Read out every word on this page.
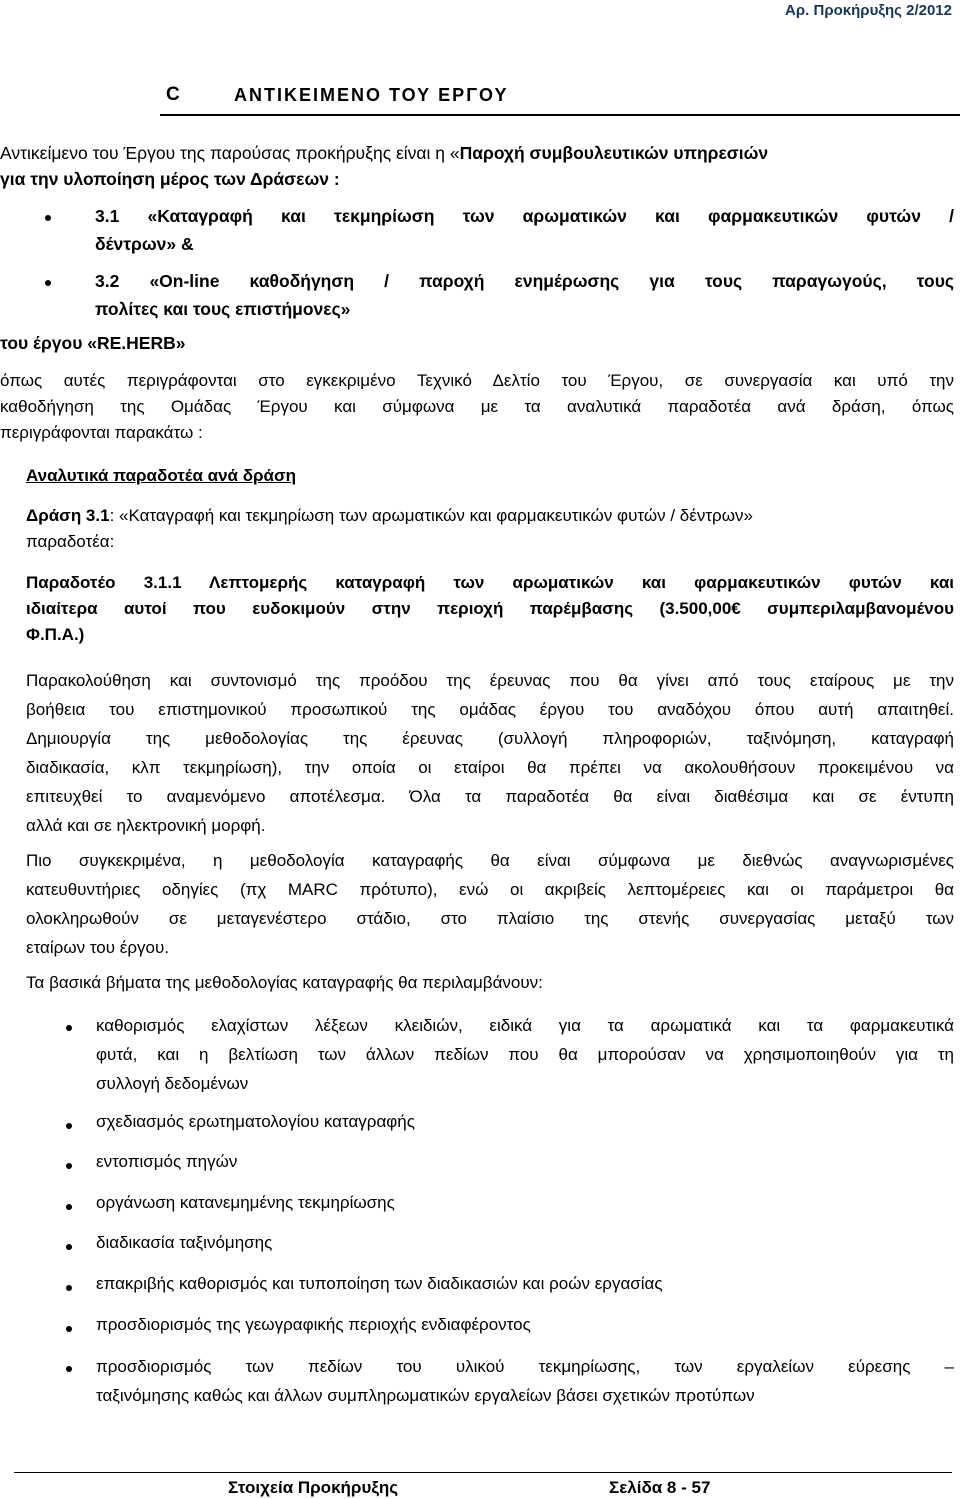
Αρ. Προκήρυξης 2/2012
C	ΑΝΤΙΚΕΙΜΕΝΟ ΤΟΥ ΕΡΓΟΥ

Αντικείμενο του Έργου της παρούσας προκήρυξης είναι η «Παροχή συμβουλευτικών υπηρεσιών

για την υλοποίηση μέρος των Δράσεων :

3.1 «Καταγραφή και τεκμηρίωση των αρωματικών και φαρμακευτικών φυτών /

δέντρων» &

3.2 «On-line καθοδήγηση / παροχή ενημέρωσης για τους παραγωγούς, τους

πολίτες και τους επιστήμονες»

του έργου «RE.HERB»

όπως αυτές περιγράφονται στο εγκεκριμένο Τεχνικό Δελτίο του Έργου, σε συνεργασία και υπό την

καθοδήγηση της Ομάδας Έργου και σύμφωνα με τα αναλυτικά παραδοτέα ανά δράση, όπως

περιγράφονται παρακάτω :

Αναλυτικά παραδοτέα ανά δράση

Δράση 3.1: «Καταγραφή και τεκμηρίωση των αρωματικών και φαρμακευτικών φυτών / δέντρων»

παραδοτέα:

Παραδοτέο 3.1.1 Λεπτομερής καταγραφή των αρωματικών και φαρμακευτικών φυτών και

ιδιαίτερα αυτοί που ευδοκιμούν στην περιοχή παρέμβασης (3.500,00€ συμπεριλαμβανομένου

Φ.Π.Α.)

Παρακολούθηση και συντονισμό της προόδου της έρευνας που θα γίνει από τους εταίρους με την

βοήθεια του επιστημονικού προσωπικού της ομάδας έργου του αναδόχου όπου αυτή απαιτηθεί.

Δημιουργία της μεθοδολογίας της έρευνας (συλλογή πληροφοριών, ταξινόμηση, καταγραφή

διαδικασία, κλπ τεκμηρίωση), την οποία οι εταίροι θα πρέπει να ακολουθήσουν προκειμένου να

επιτευχθεί το αναμενόμενο αποτέλεσμα. Όλα τα παραδοτέα θα είναι διαθέσιμα και σε έντυπη

αλλά και σε ηλεκτρονική μορφή.

Πιο συγκεκριμένα, η μεθοδολογία καταγραφής θα είναι σύμφωνα με διεθνώς αναγνωρισμένες

κατευθυντήριες οδηγίες (πχ MARC πρότυπο), ενώ οι ακριβείς λεπτομέρειες και οι παράμετροι θα

ολοκληρωθούν σε μεταγενέστερο στάδιο, στο πλαίσιο της στενής συνεργασίας μεταξύ των

εταίρων του έργου.

Τα βασικά βήματα της μεθοδολογίας καταγραφής θα περιλαμβάνουν:

καθορισμός ελαχίστων λέξεων κλειδιών, ειδικά για τα αρωματικά και τα φαρμακευτικά

φυτά, και η βελτίωση των άλλων πεδίων που θα μπορούσαν να χρησιμοποιηθούν για τη

συλλογή δεδομένων

σχεδιασμός ερωτηματολογίου καταγραφής

εντοπισμός πηγών

οργάνωση κατανεμημένης τεκμηρίωσης

διαδικασία ταξινόμησης

επακριβής καθορισμός και τυποποίηση των διαδικασιών και ροών εργασίας

προσδιορισμός της γεωγραφικής περιοχής ενδιαφέροντος

προσδιορισμός των πεδίων του υλικού τεκμηρίωσης, των εργαλείων εύρεσης –

ταξινόμησης καθώς και άλλων συμπληρωματικών εργαλείων βάσει σχετικών προτύπων

Στοιχεία Προκήρυξης	Σελίδα 8 - 57
